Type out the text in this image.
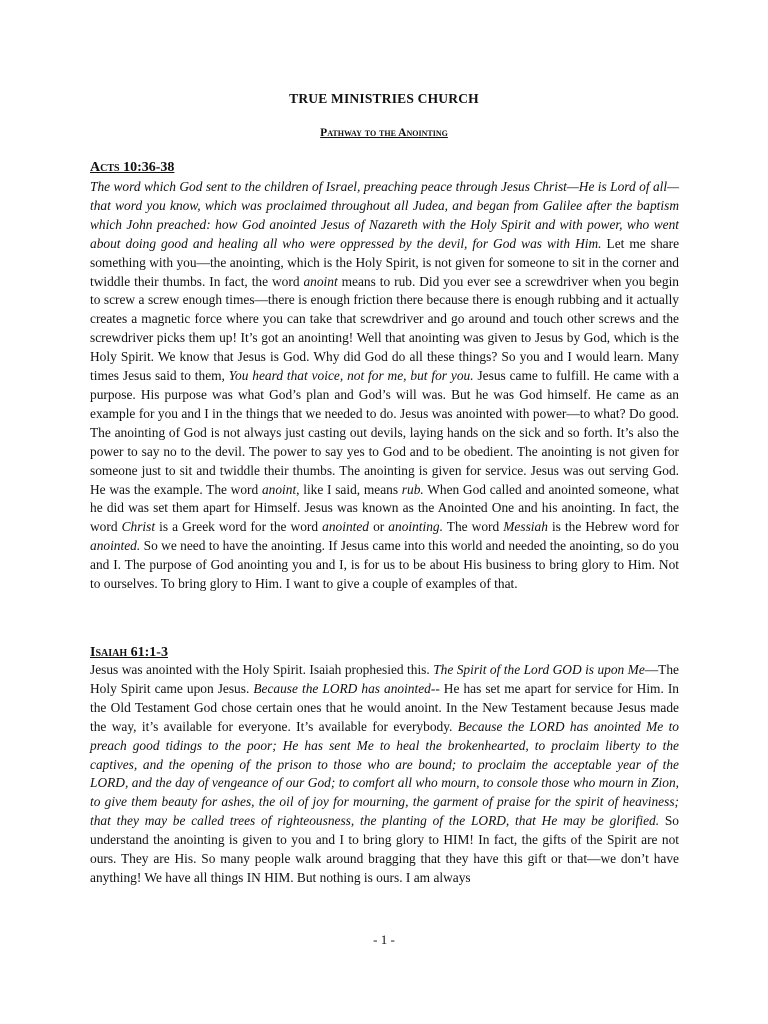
TRUE MINISTRIES CHURCH
Pathway to the Anointing
Acts 10:36-38

The word which God sent to the children of Israel, preaching peace through Jesus Christ—He is Lord of all— that word you know, which was proclaimed throughout all Judea, and began from Galilee after the baptism which John preached: how God anointed Jesus of Nazareth with the Holy Spirit and with power, who went about doing good and healing all who were oppressed by the devil, for God was with Him. Let me share something with you—the anointing, which is the Holy Spirit, is not given for someone to sit in the corner and twiddle their thumbs. In fact, the word anoint means to rub. Did you ever see a screwdriver when you begin to screw a screw enough times—there is enough friction there because there is enough rubbing and it actually creates a magnetic force where you can take that screwdriver and go around and touch other screws and the screwdriver picks them up! It’s got an anointing! Well that anointing was given to Jesus by God, which is the Holy Spirit. We know that Jesus is God. Why did God do all these things? So you and I would learn. Many times Jesus said to them, You heard that voice, not for me, but for you. Jesus came to fulfill. He came with a purpose. His purpose was what God’s plan and God’s will was. But he was God himself. He came as an example for you and I in the things that we needed to do. Jesus was anointed with power—to what? Do good. The anointing of God is not always just casting out devils, laying hands on the sick and so forth. It’s also the power to say no to the devil. The power to say yes to God and to be obedient. The anointing is not given for someone just to sit and twiddle their thumbs. The anointing is given for service. Jesus was out serving God. He was the example. The word anoint, like I said, means rub. When God called and anointed someone, what he did was set them apart for Himself. Jesus was known as the Anointed One and his anointing. In fact, the word Christ is a Greek word for the word anointed or anointing. The word Messiah is the Hebrew word for anointed. So we need to have the anointing. If Jesus came into this world and needed the anointing, so do you and I. The purpose of God anointing you and I, is for us to be about His business to bring glory to Him. Not to ourselves. To bring glory to Him. I want to give a couple of examples of that.

Isaiah 61:1-3

Jesus was anointed with the Holy Spirit. Isaiah prophesied this. The Spirit of the Lord GOD is upon Me—The Holy Spirit came upon Jesus. Because the LORD has anointed-- He has set me apart for service for Him. In the Old Testament God chose certain ones that he would anoint. In the New Testament because Jesus made the way, it’s available for everyone. It’s available for everybody. Because the LORD has anointed Me to preach good tidings to the poor; He has sent Me to heal the brokenhearted, to proclaim liberty to the captives, and the opening of the prison to those who are bound; to proclaim the acceptable year of the LORD, and the day of vengeance of our God; to comfort all who mourn, to console those who mourn in Zion, to give them beauty for ashes, the oil of joy for mourning, the garment of praise for the spirit of heaviness; that they may be called trees of righteousness, the planting of the LORD, that He may be glorified. So understand the anointing is given to you and I to bring glory to HIM! In fact, the gifts of the Spirit are not ours. They are His. So many people walk around bragging that they have this gift or that—we don’t have anything! We have all things IN HIM. But nothing is ours. I am always

- 1 -
